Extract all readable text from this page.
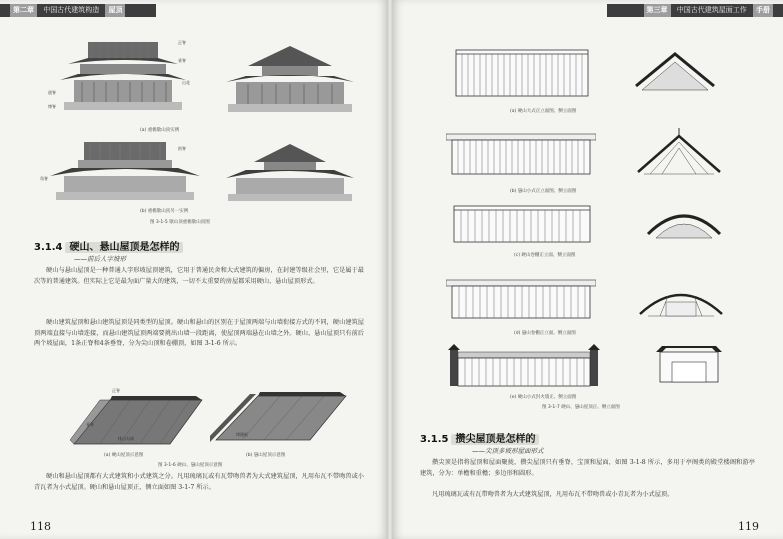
第二章 中国古代建筑构造 屋顶
正脊
垂脊
山花
戗脊
博脊
(a) 重檐歇山顶实例
围脊
角脊
(b) 重檐歇山顶另一实例
图 3-1-5 歇山顶重檐歇山顶图
3.1.4 硬山、悬山屋顶是怎样的
——前后人字坡形
硬山与悬山屋顶是一种普通人字形坡屋顶建筑，它用于普通民舍和大式建筑的偏房，在封建等级社会里，它是属于最次等的普通建筑。但实际上它是最为面广量大的建筑，一切不太重要的房屋都采用硬山、悬山屋顶形式。
硬山建筑屋顶和悬山建筑屋顶是同类型的屋顶。硬山和悬山的区别在于屋顶两端与山墙衔接方式的不同，硬山建筑屋顶两端直接与山墙连接，而悬山建筑屋顶两端要挑出山墙一段距离，使屋顶两端悬在山墙之外。硬山、悬山屋顶只有前后两个坡屋面，1条正脊和4条垂脊，分为尖山顶和卷棚顶，如图 3-1-6 所示。
正脊
垂脊
排山勾滴
博缝板
(a) 硬山屋顶示意图	(b) 悬山屋顶示意图
图 3-1-6 硬山、悬山屋顶示意图
硬山和悬山屋顶都有大式建筑和小式建筑之分。凡用琉璃瓦或有瓦带吻兽者为大式建筑屋顶，凡用布瓦不带吻兽或小青瓦者为小式屋顶。硬山和悬山屋顶正、侧立面如图 3-1-7 所示。
118
第三章 中国古代建筑屋面工作 手册
(a) 硬山大式正立面图、侧立面图
(b) 悬山小式正立面图、侧立面图
(c) 硬山卷棚正立面、侧立面图
(d) 悬山卷棚正立面、侧立面图
(e) 硬山小式封火墙正、侧立面图
图 3-1-7 硬山、悬山屋顶正、侧立面图
3.1.5 攒尖屋顶是怎样的
——尖顶多坡形屋面形式
攒尖顶是指将屋顶和屋面聚拢，攒尖屋顶只有垂脊，宝顶和屋面，如图 3-1-8 所示，多用于亭阁类的殿堂楼阁和游亭建筑，分为：单檐和重檐；多边形和圆形。
凡用琉璃瓦或有瓦带吻兽者为大式建筑屋顶，凡用布瓦不带吻兽或小青瓦者为小式屋顶。
119
